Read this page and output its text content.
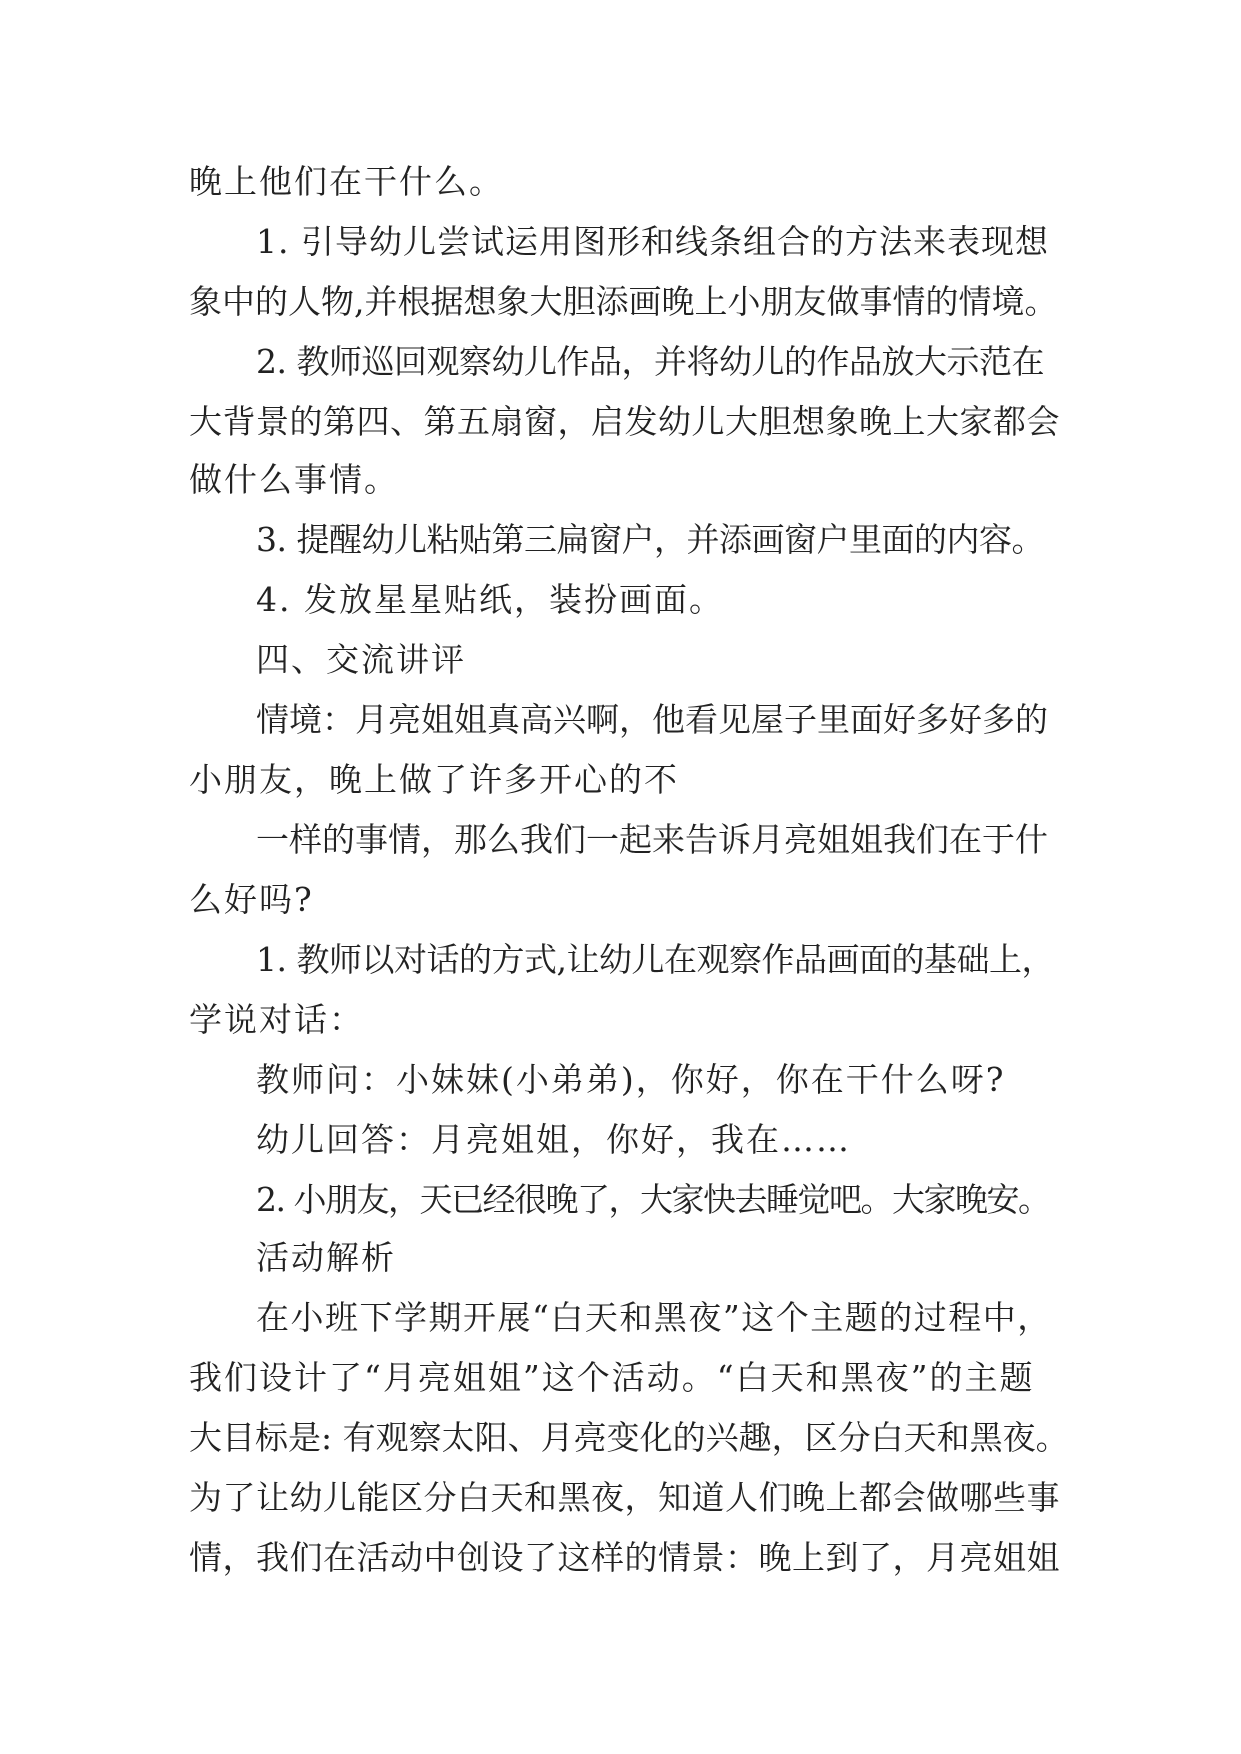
晚上他们在干什么。
1. 引导幼儿尝试运用图形和线条组合的方法来表现想
象中的人物,并根据想象大胆添画晚上小朋友做事情的情境。
2. 教师巡回观察幼儿作品，并将幼儿的作品放大示范在
大背景的第四、第五扇窗，启发幼儿大胆想象晚上大家都会
做什么事情。
3. 提醒幼儿粘贴第三扁窗户，并添画窗户里面的内容。
4. 发放星星贴纸，装扮画面。
四、交流讲评
情境：月亮姐姐真高兴啊，他看见屋子里面好多好多的
小朋友，晚上做了许多开心的不
一样的事情，那么我们一起来告诉月亮姐姐我们在于什
么好吗?
1. 教师以对话的方式,让幼儿在观察作品画面的基础上，
学说对话：
教师问：小妹妹(小弟弟)，你好，你在干什么呀?
幼儿回答：月亮姐姐，你好，我在……
2. 小朋友，天已经很晚了，大家快去睡觉吧。大家晚安。
活动解析
在小班下学期开展“白天和黑夜”这个主题的过程中，
我们设计了“月亮姐姐”这个活动。“白天和黑夜”的主题
大目标是: 有观察太阳、月亮变化的兴趣，区分白天和黑夜。
为了让幼儿能区分白天和黑夜，知道人们晚上都会做哪些事
情，我们在活动中创设了这样的情景：晚上到了，月亮姐姐
